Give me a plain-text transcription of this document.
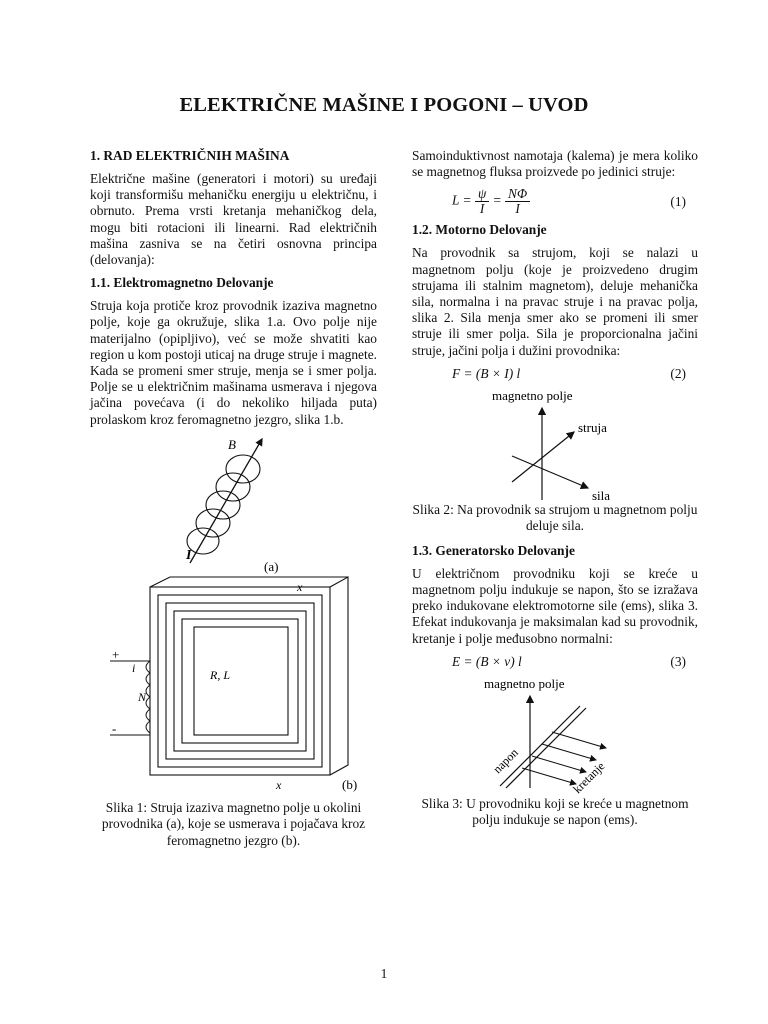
ELEKTRIČNE MAŠINE I POGONI – UVOD
1. RAD ELEKTRIČNIH MAŠINA

Električne mašine (generatori i motori) su uređaji koji transformišu mehaničku energiju u električnu, i obrnuto. Prema vrsti kretanja mehaničkog dela, mogu biti rotacioni ili linearni. Rad električnih mašina zasniva se na četiri osnovna principa (delovanja):

1.1. Elektromagnetno Delovanje

Struja koja protiče kroz provodnik izaziva magnetno polje, koje ga okružuje, slika 1.a. Ovo polje nije materijalno (opipljivo), već se može shvatiti kao region u kom postoji uticaj na druge struje i magnete. Kada se promeni smer struje, menja se i smer polja. Polje se u električnim mašinama usmerava i njegova jačina povećava (i do nekoliko hiljada puta) prolaskom kroz feromagnetno jezgro, slika 1.b.

B
I
(a)
+
-
i
N
R, L
x
x	(b)

Slika 1: Struja izaziva magnetno polje u okolini provodnika (a), koje se usmerava i pojačava kroz feromagnetno jezgro (b).

Samoinduktivnost namotaja (kalema) je mera koliko se magnetnog fluksa proizvede po jedinici struje:

$L = \frac{\psi}{I} = \frac{N\Phi}{I}$	(1)
1.2. Motorno Delovanje

Na provodnik sa strujom, koji se nalazi u magnetnom polju (koje je proizvedeno drugim strujama ili stalnim magnetom), deluje mehanička sila, normalna i na pravac struje i na pravac polja, slika 2. Sila menja smer ako se promeni ili smer struje ili smer polja. Sila je proporcionalna jačini struje, jačini polja i dužini provodnika:

F = (B × I) l	(2)
magnetno polje
struja
sila

Slika 2: Na provodnik sa strujom u magnetnom polju deluje sila.

1.3. Generatorsko Delovanje

U električnom provodniku koji se kreće u magnetnom polju indukuje se napon, što se izražava preko indukovane elektromotorne sile (ems), slika 3. Efekat indukovanja je maksimalan kad su provodnik, kretanje i polje međusobno normalni:

E = (B × v) l	(3)
magnetno polje
napon	kretanje

Slika 3: U provodniku koji se kreće u magnetnom polju indukuje se napon (ems).

1
